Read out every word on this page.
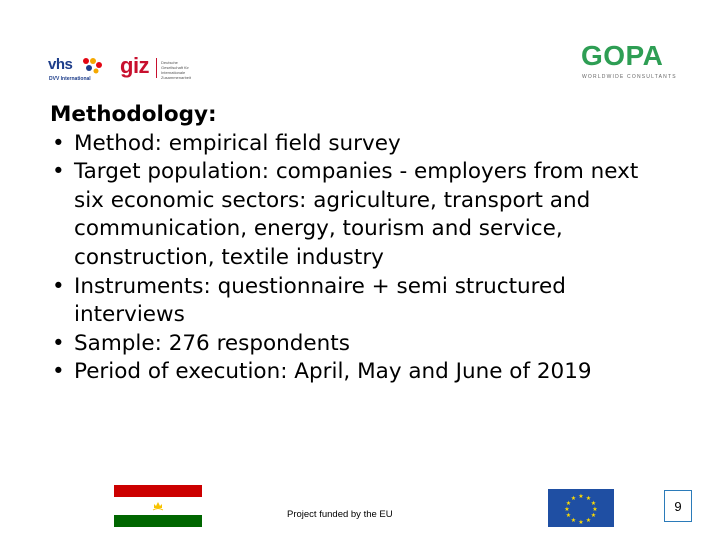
vhs
DVV International
giz	Deutsche Gesellschaft für Internationale Zusammenarbeit
GOPA
WORLDWIDE CONSULTANTS
Methodology:
• Method: empirical field survey
• Target population: companies - employers from next six economic sectors: agriculture, transport and communication, energy, tourism and service, construction, textile industry
• Instruments: questionnaire + semi structured interviews
• Sample: 276 respondents
• Period of execution: April, May and June of 2019
Project funded by the EU
★ ★
★
★
★
★
★
★
★
★
★
★	9
